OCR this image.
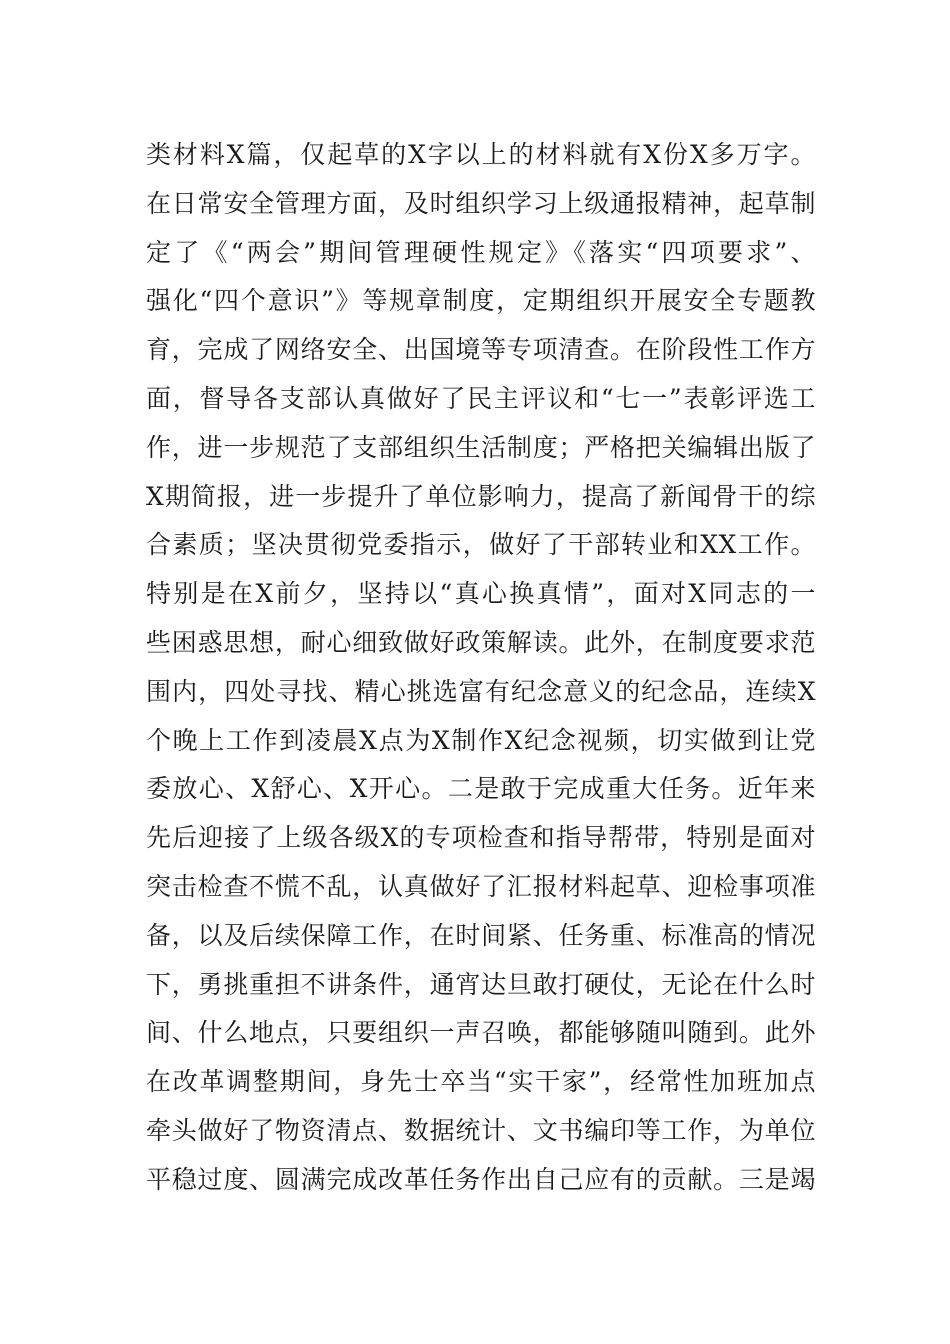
类材料X篇，仅起草的X字以上的材料就有X份X多万字。
在日常安全管理方面，及时组织学习上级通报精神，起草制
定了《“两会”期间管理硬性规定》《落实“四项要求”、
强化“四个意识”》等规章制度，定期组织开展安全专题教
育，完成了网络安全、出国境等专项清查。在阶段性工作方
面，督导各支部认真做好了民主评议和“七一”表彰评选工
作，进一步规范了支部组织生活制度；严格把关编辑出版了
X期简报，进一步提升了单位影响力，提高了新闻骨干的综
合素质；坚决贯彻党委指示，做好了干部转业和XX工作。
特别是在X前夕，坚持以“真心换真情”，面对X同志的一
些困惑思想，耐心细致做好政策解读。此外，在制度要求范
围内，四处寻找、精心挑选富有纪念意义的纪念品，连续X
个晚上工作到凌晨X点为X制作X纪念视频，切实做到让党
委放心、X舒心、X开心。二是敢于完成重大任务。近年来
先后迎接了上级各级X的专项检查和指导帮带，特别是面对
突击检查不慌不乱，认真做好了汇报材料起草、迎检事项准
备，以及后续保障工作，在时间紧、任务重、标准高的情况
下，勇挑重担不讲条件，通宵达旦敢打硬仗，无论在什么时
间、什么地点，只要组织一声召唤，都能够随叫随到。此外
在改革调整期间，身先士卒当“实干家”，经常性加班加点
牵头做好了物资清点、数据统计、文书编印等工作，为单位
平稳过度、圆满完成改革任务作出自己应有的贡献。三是竭
